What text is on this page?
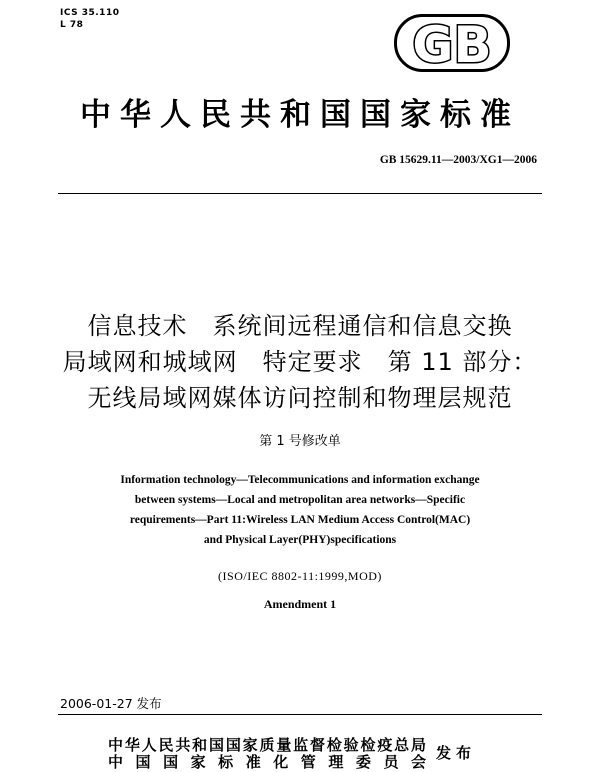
ICS 35.110
L 78	GB
中华人民共和国国家标准
GB 15629.11—2003/XG1—2006
信息技术　系统间远程通信和信息交换
局域网和城域网　特定要求　第 11 部分：
无线局域网媒体访问控制和物理层规范
第 1 号修改单
Information technology—Telecommunications and information exchange
between systems—Local and metropolitan area networks—Specific
requirements—Part 11:Wireless LAN Medium Access Control(MAC)
and Physical Layer(PHY)specifications
(ISO/IEC 8802-11:1999,MOD)
Amendment 1
2006-01-27 发布
中华人民共和国国家质量监督检验检疫总局
中国国家标准化管理委员会 发布
